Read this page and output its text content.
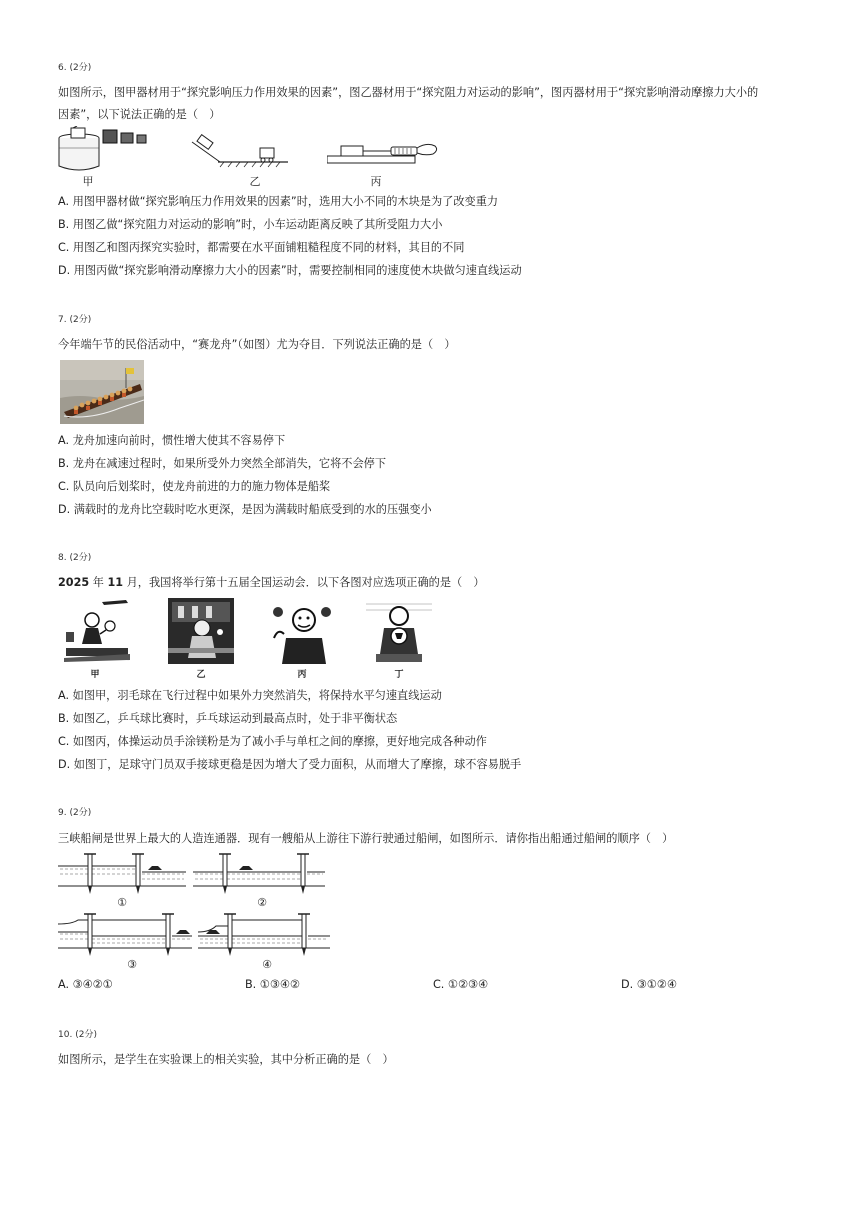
6. (2分)
如图所示，图甲器材用于“探究影响压力作用效果的因素”，图乙器材用于“探究阻力对运动的影响”，图丙器材用于“探究影响滑动摩擦力大小的
因素”，以下说法正确的是（　）
甲	乙	丙
A. 用图甲器材做“探究影响压力作用效果的因素”时，选用大小不同的木块是为了改变重力
B. 用图乙做“探究阻力对运动的影响”时，小车运动距离反映了其所受阻力大小
C. 用图乙和图丙探究实验时，都需要在水平面铺粗糙程度不同的材料，其目的不同
D. 用图丙做“探究影响滑动摩擦力大小的因素”时，需要控制相同的速度使木块做匀速直线运动
7. (2分)
今年端午节的民俗活动中，“赛龙舟”（如图）尤为夺目．下列说法正确的是（　）
A. 龙舟加速向前时，惯性增大使其不容易停下
B. 龙舟在减速过程时，如果所受外力突然全部消失，它将不会停下
C. 队员向后划桨时，使龙舟前进的力的施力物体是船桨
D. 满载时的龙舟比空载时吃水更深，是因为满载时船底受到的水的压强变小
8. (2分)
2025 年 11 月，我国将举行第十五届全国运动会．以下各图对应选项正确的是（　）
甲	乙	丙	丁
A. 如图甲，羽毛球在飞行过程中如果外力突然消失，将保持水平匀速直线运动
B. 如图乙，乒乓球比赛时，乒乓球运动到最高点时，处于非平衡状态
C. 如图丙，体操运动员手涂镁粉是为了减小手与单杠之间的摩擦，更好地完成各种动作
D. 如图丁，足球守门员双手接球更稳是因为增大了受力面积，从而增大了摩擦，球不容易脱手
9. (2分)
三峡船闸是世界上最大的人造连通器．现有一艘船从上游往下游行驶通过船闸，如图所示．请你指出船通过船闸的顺序（　）
①	②
③	④
A. ③④②①	B. ①③④②	C. ①②③④	D. ③①②④
10. (2分)
如图所示，是学生在实验课上的相关实验，其中分析正确的是（　）
